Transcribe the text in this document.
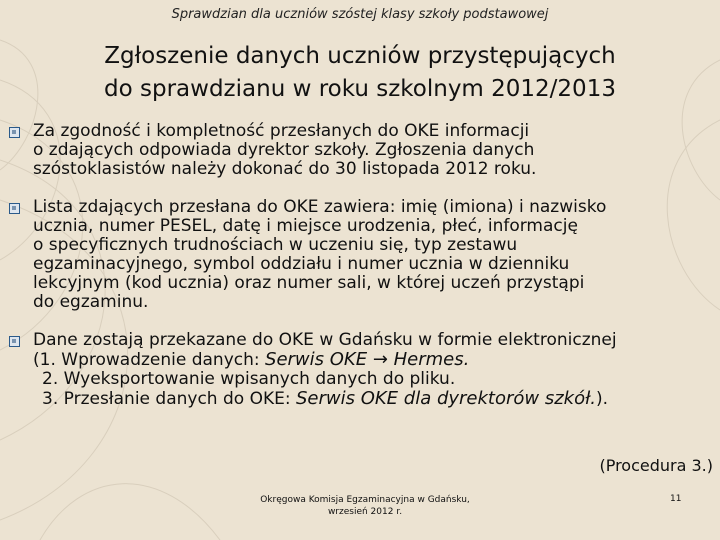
Sprawdzian dla uczniów szóstej klasy szkoły podstawowej
Zgłoszenie danych uczniów przystępujących
do sprawdzianu w roku szkolnym 2012/2013
Za zgodność i kompletność przesłanych do OKE informacji
o zdających odpowiada dyrektor szkoły. Zgłoszenia danych
szóstoklasistów należy dokonać do 30 listopada 2012 roku.
Lista zdających przesłana do OKE zawiera: imię (imiona) i nazwisko
ucznia, numer PESEL, datę i miejsce urodzenia, płeć, informację
o specyficznych trudnościach w uczeniu się, typ zestawu
egzaminacyjnego, symbol oddziału i numer ucznia w dzienniku
lekcyjnym (kod ucznia) oraz numer sali, w której uczeń przystąpi
do egzaminu.
Dane zostają przekazane do OKE w Gdańsku w formie elektronicznej
(1. Wprowadzenie danych: Serwis OKE → Hermes.
2. Wyeksportowanie wpisanych danych do pliku.
3. Przesłanie danych do OKE: Serwis OKE dla dyrektorów szkół.).
(Procedura 3.)
Okręgowa Komisja Egzaminacyjna w Gdańsku,
wrzesień 2012 r.
11
